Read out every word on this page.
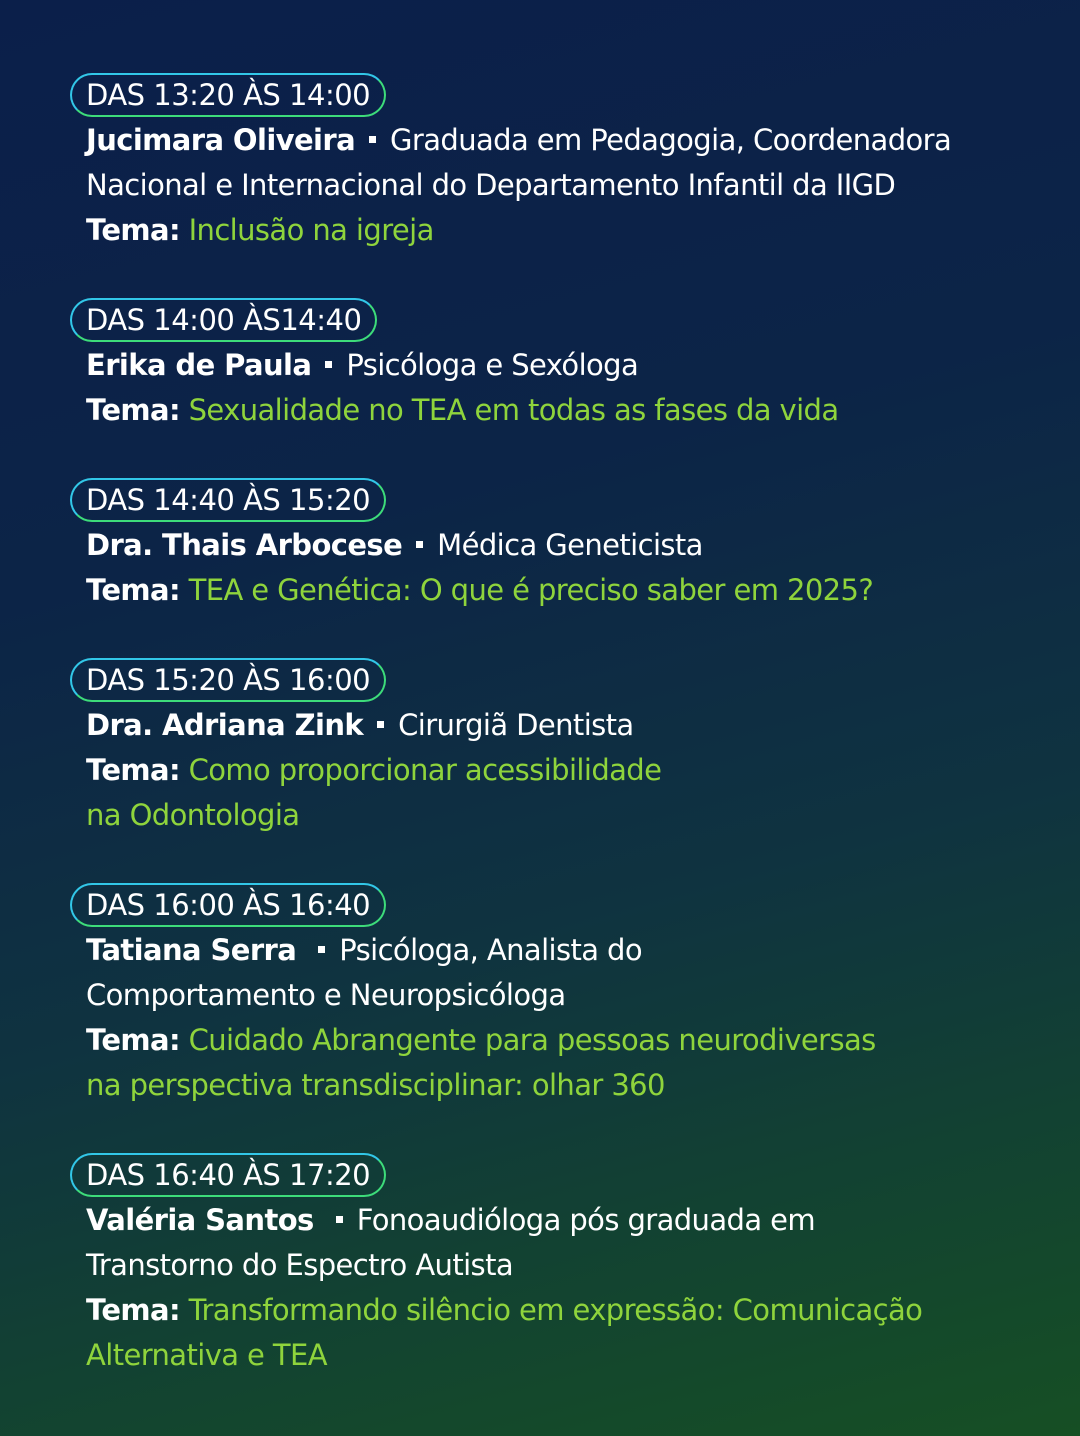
DAS 13:20 ÀS 14:00
Jucimara Oliveira Graduada em Pedagogia, Coordenadora
Nacional e Internacional do Departamento Infantil da IIGD
Tema: Inclusão na igreja
DAS 14:00 ÀS14:40
Erika de Paula Psicóloga e Sexóloga
Tema: Sexualidade no TEA em todas as fases da vida
DAS 14:40 ÀS 15:20
Dra. Thais Arbocese Médica Geneticista
Tema: TEA e Genética: O que é preciso saber em 2025?
DAS 15:20 ÀS 16:00
Dra. Adriana Zink Cirurgiã Dentista
Tema: Como proporcionar acessibilidade
na Odontologia
DAS 16:00 ÀS 16:40
Tatiana Serra Psicóloga, Analista do
Comportamento e Neuropsicóloga
Tema: Cuidado Abrangente para pessoas neurodiversas
na perspectiva transdisciplinar: olhar 360
DAS 16:40 ÀS 17:20
Valéria Santos Fonoaudióloga pós graduada em
Transtorno do Espectro Autista
Tema: Transformando silêncio em expressão: Comunicação
Alternativa e TEA
